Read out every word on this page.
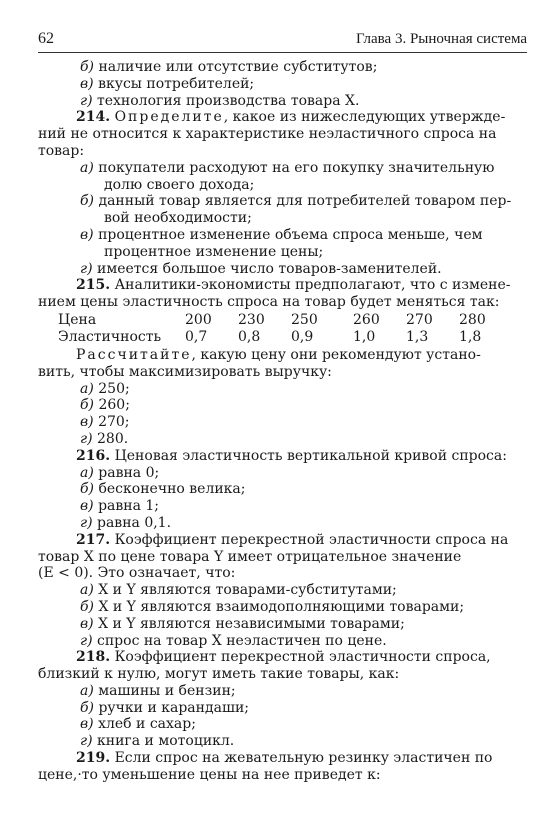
62	Глава 3. Рыночная система
б) наличие или отсутствие субститутов;
в) вкусы потребителей;
г) технология производства товара X.
214. Определите, какое из нижеследующих утвержде-
ний не относится к характеристике неэластичного спроса на
товар:
а) покупатели расходуют на его покупку значительную
долю своего дохода;
б) данный товар является для потребителей товаром пер-
вой необходимости;
в) процентное изменение объема спроса меньше, чем
процентное изменение цены;
г) имеется большое число товаров-заменителей.
215. Аналитики-экономисты предполагают, что с измене-
нием цены эластичность спроса на товар будет меняться так:
Цена	200	230	250	260	270	280
Эластичность	0,7	0,8	0,9	1,0	1,3	1,8
Рассчитайте, какую цену они рекомендуют устано-
вить, чтобы максимизировать выручку:
а) 250;
б) 260;
в) 270;
г) 280.
216. Ценовая эластичность вертикальной кривой спроса:
а) равна 0;
б) бесконечно велика;
в) равна 1;
г) равна 0,1.
217. Коэффициент перекрестной эластичности спроса на
товар X по цене товара Y имеет отрицательное значение
(E < 0). Это означает, что:
а) X и Y являются товарами-субститутами;
б) X и Y являются взаимодополняющими товарами;
в) X и Y являются независимыми товарами;
г) спрос на товар X неэластичен по цене.
218. Коэффициент перекрестной эластичности спроса,
близкий к нулю, могут иметь такие товары, как:
а) машины и бензин;
б) ручки и карандаши;
в) хлеб и сахар;
г) книга и мотоцикл.
219. Если спрос на жевательную резинку эластичен по
цене,·то уменьшение цены на нее приведет к:
